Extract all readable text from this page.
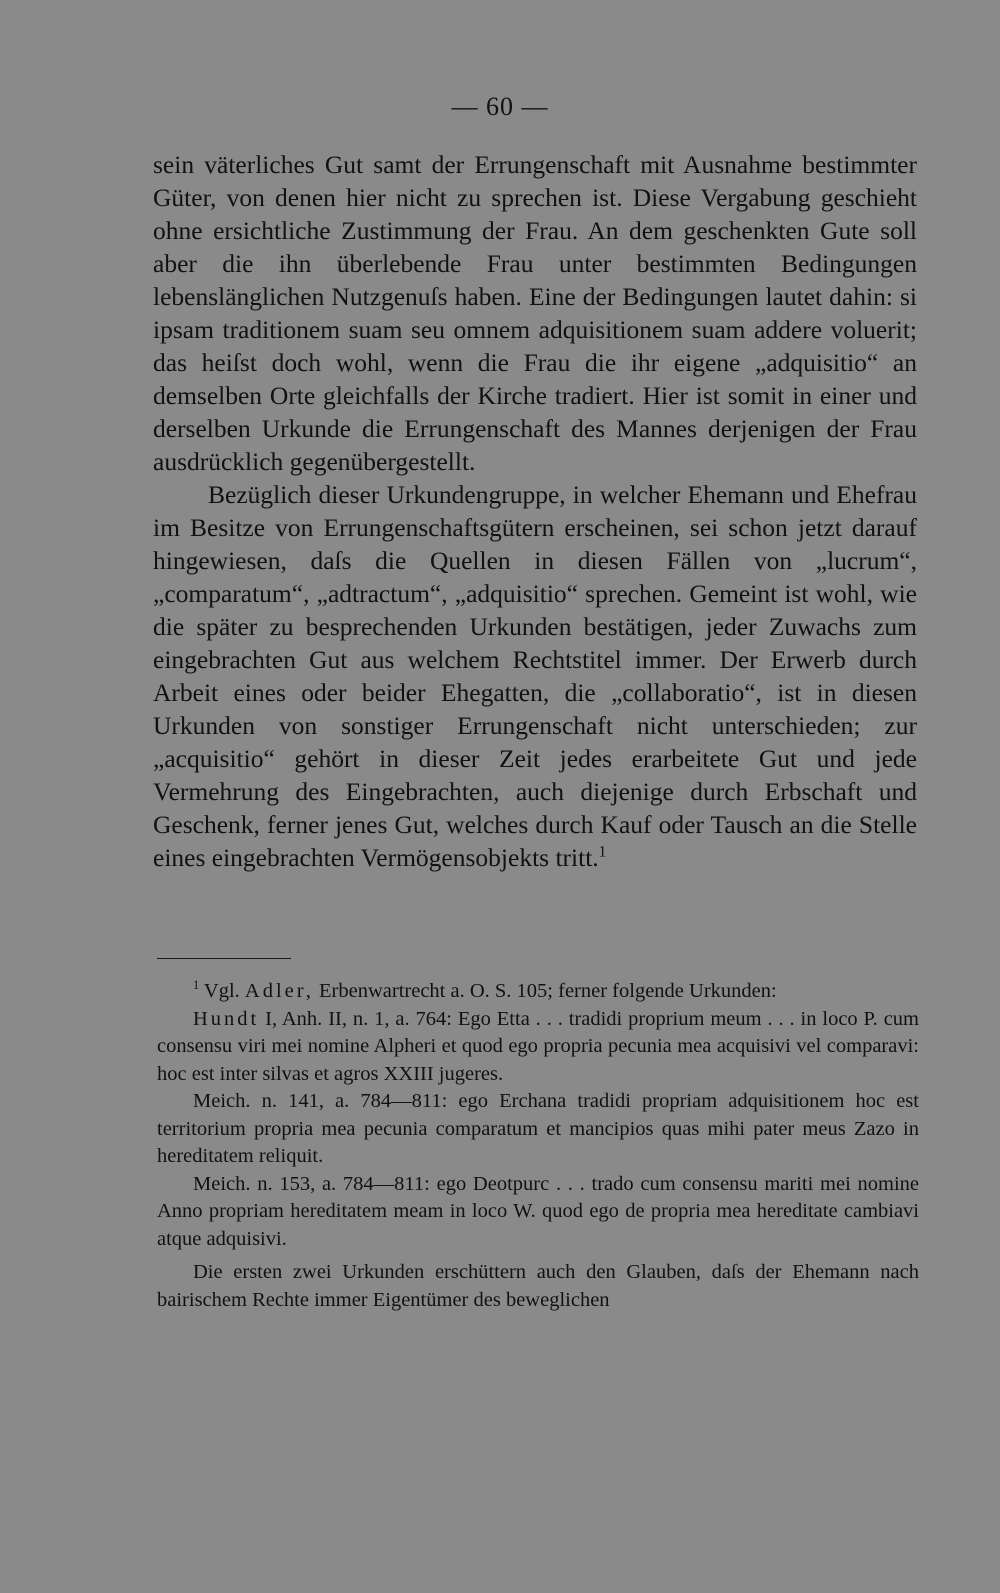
— 60 —

sein väterliches Gut samt der Errungenschaft mit Ausnahme bestimmter Güter, von denen hier nicht zu sprechen ist. Diese Vergabung geschieht ohne ersichtliche Zustimmung der Frau. An dem geschenkten Gute soll aber die ihn überlebende Frau unter bestimmten Bedingungen lebenslänglichen Nutzgenuſs haben. Eine der Bedingungen lautet dahin: si ipsam traditionem suam seu omnem adquisitionem suam addere voluerit; das heiſst doch wohl, wenn die Frau die ihr eigene „adquisitio“ an demselben Orte gleichfalls der Kirche tradiert. Hier ist somit in einer und derselben Urkunde die Errungenschaft des Mannes derjenigen der Frau ausdrücklich gegenübergestellt.

Bezüglich dieser Urkundengruppe, in welcher Ehemann und Ehefrau im Besitze von Errungenschaftsgütern erscheinen, sei schon jetzt darauf hingewiesen, daſs die Quellen in diesen Fällen von „lucrum“, „comparatum“, „adtractum“, „adquisitio“ sprechen. Gemeint ist wohl, wie die später zu besprechenden Urkunden bestätigen, jeder Zuwachs zum eingebrachten Gut aus welchem Rechtstitel immer. Der Erwerb durch Arbeit eines oder beider Ehegatten, die „collaboratio“, ist in diesen Urkunden von sonstiger Errungenschaft nicht unterschieden; zur „acquisitio“ gehört in dieser Zeit jedes erarbeitete Gut und jede Vermehrung des Eingebrachten, auch diejenige durch Erbschaft und Geschenk, ferner jenes Gut, welches durch Kauf oder Tausch an die Stelle eines eingebrachten Vermögensobjekts tritt.$^1$

$^1$ Vgl. Adler, Erbenwartrecht a. O. S. 105; ferner folgende Urkunden:

Hundt I, Anh. II, n. 1, a. 764: Ego Etta . . . tradidi proprium meum . . . in loco P. cum consensu viri mei nomine Alpheri et quod ego propria pecunia mea acquisivi vel comparavi: hoc est inter silvas et agros XXIII jugeres.

Meich. n. 141, a. 784—811: ego Erchana tradidi propriam adquisitionem hoc est territorium propria mea pecunia comparatum et mancipios quas mihi pater meus Zazo in hereditatem reliquit.

Meich. n. 153, a. 784—811: ego Deotpurc . . . trado cum consensu mariti mei nomine Anno propriam hereditatem meam in loco W. quod ego de propria mea hereditate cambiavi atque adquisivi.

Die ersten zwei Urkunden erschüttern auch den Glauben, daſs der Ehemann nach bairischem Rechte immer Eigentümer des beweglichen
